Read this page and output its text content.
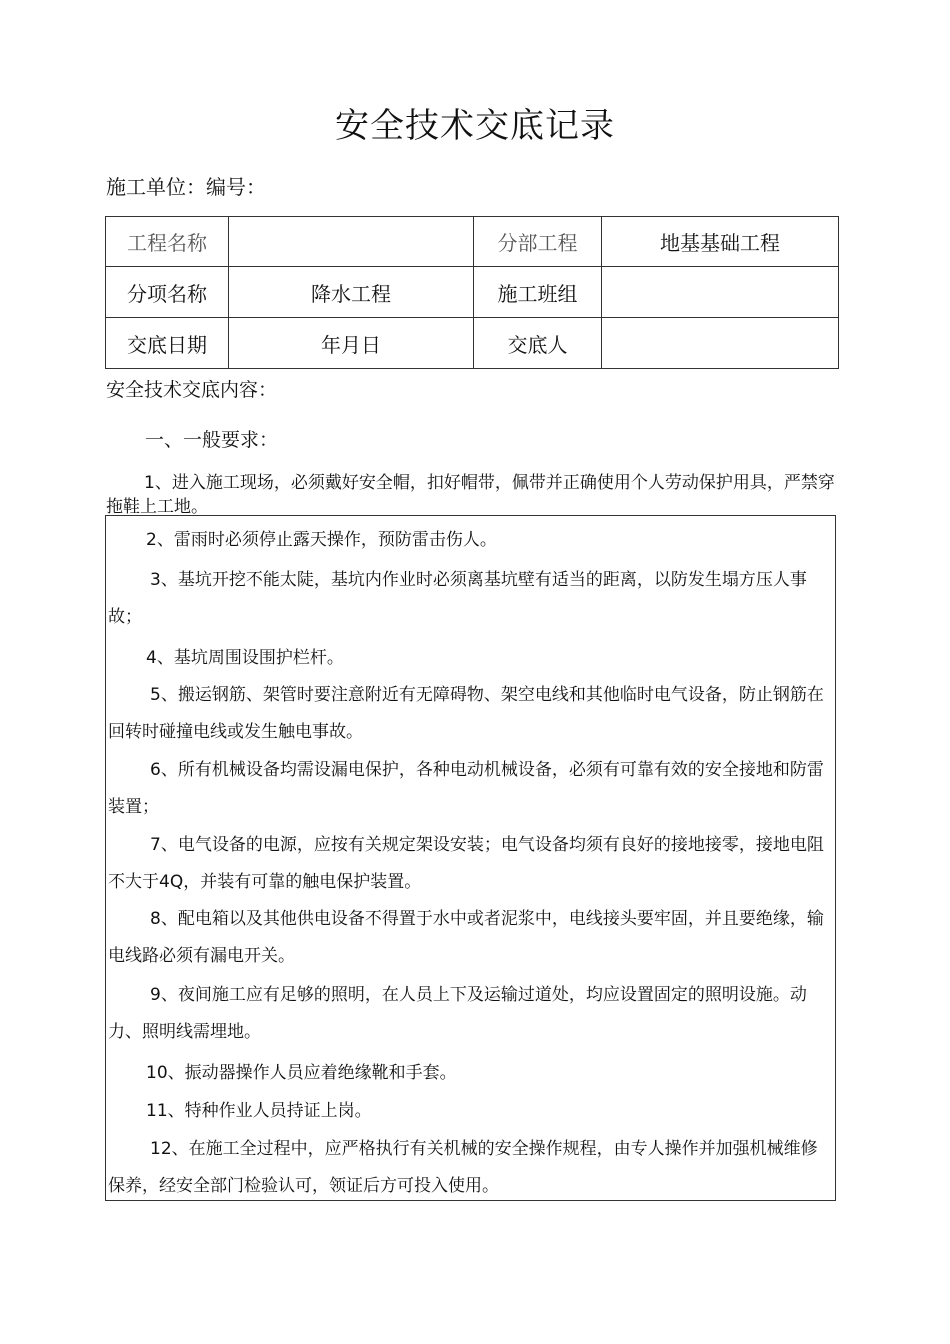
安全技术交底记录
施工单位：编号：
工程名称		分部工程	地基基础工程
分项名称	降水工程	施工班组	
交底日期	年月日	交底人	
安全技术交底内容：
一、一般要求：
1、进入施工现场，必须戴好安全帽，扣好帽带，佩带并正确使用个人劳动保护用具，严禁穿拖鞋上工地。
2、雷雨时必须停止露天操作，预防雷击伤人。
3、基坑开挖不能太陡，基坑内作业时必须离基坑壁有适当的距离，以防发生塌方压人事故；
4、基坑周围设围护栏杆。
5、搬运钢筋、架管时要注意附近有无障碍物、架空电线和其他临时电气设备，防止钢筋在回转时碰撞电线或发生触电事故。
6、所有机械设备均需设漏电保护，各种电动机械设备，必须有可靠有效的安全接地和防雷装置；
7、电气设备的电源，应按有关规定架设安装；电气设备均须有良好的接地接零，接地电阻不大于4Q，并装有可靠的触电保护装置。
8、配电箱以及其他供电设备不得置于水中或者泥浆中，电线接头要牢固，并且要绝缘，输电线路必须有漏电开关。
9、夜间施工应有足够的照明，在人员上下及运输过道处，均应设置固定的照明设施。动力、照明线需埋地。
10、振动器操作人员应着绝缘靴和手套。
11、特种作业人员持证上岗。
12、在施工全过程中，应严格执行有关机械的安全操作规程，由专人操作并加强机械维修保养，经安全部门检验认可，领证后方可投入使用。
